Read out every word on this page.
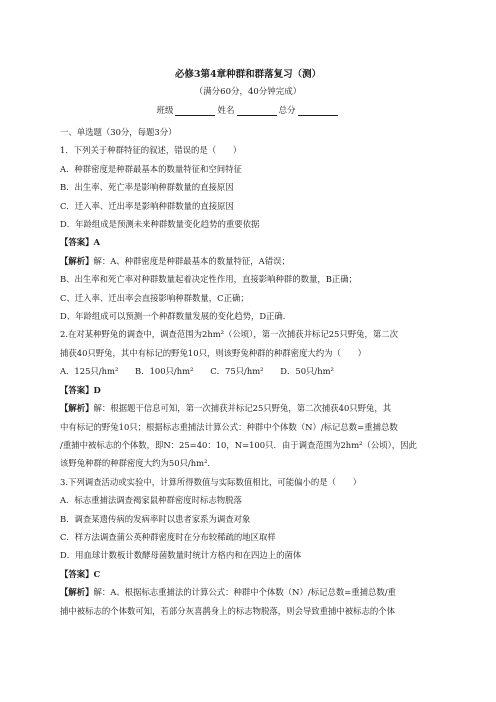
必修3第4章种群和群落复习（测）
（满分60分，40分钟完成）
班级	姓名	总分

一、单选题（30分，每题3分）

1．下列关于种群特征的叙述，错误的是（　　）

A．种群密度是种群最基本的数量特征和空间特征

B．出生率、死亡率是影响种群数量的直接原因

C．迁入率、迁出率是影响种群数量的直接原因

D．年龄组成是预测未来种群数量变化趋势的重要依据

【答案】A

【解析】解：A、种群密度是种群最基本的数量特征，A错误；

B、出生率和死亡率对种群数量起着决定性作用，直接影响种群的数量，B正确；

C、迁入率、迁出率会直接影响种群数量，C正确；

D、年龄组成可以预测一个种群数量发展的变化趋势，D正确.

2.在对某种野兔的调查中，调查范围为2hm²（公顷），第一次捕获并标记25只野兔，第二次

捕获40只野兔，其中有标记的野兔10只，则该野兔种群的种群密度大约为（　　）

A．125只/hm²　　B．100只/hm²　　C．75只/hm²　　D．50只/hm²

【答案】D

【解析】解：根据题干信息可知，第一次捕获并标记25只野兔，第二次捕获40只野兔，其

中有标记的野兔10只；根据标志重捕法计算公式：种群中个体数（N）/标记总数=重捕总数

/重捕中被标志的个体数，即N：25=40：10，N=100只．由于调查范围为2hm²（公顷），因此

该野兔种群的种群密度大约为50只/hm².

3.下列调查活动或实验中，计算所得数值与实际数值相比，可能偏小的是（　　）

A．标志重捕法调查褐家鼠种群密度时标志物脱落

B．调查某遗传病的发病率时以患者家系为调查对象

C．样方法调查蒲公英种群密度时在分布较稀疏的地区取样

D．用血球计数板计数酵母菌数量时统计方格内和在四边上的菌体

【答案】C

【解析】解：A、根据标志重捕法的计算公式：种群中个体数（N）/标记总数=重捕总数/重

捕中被标志的个体数可知，若部分灰喜鹊身上的标志物脱落，则会导致重捕中被标志的个体
